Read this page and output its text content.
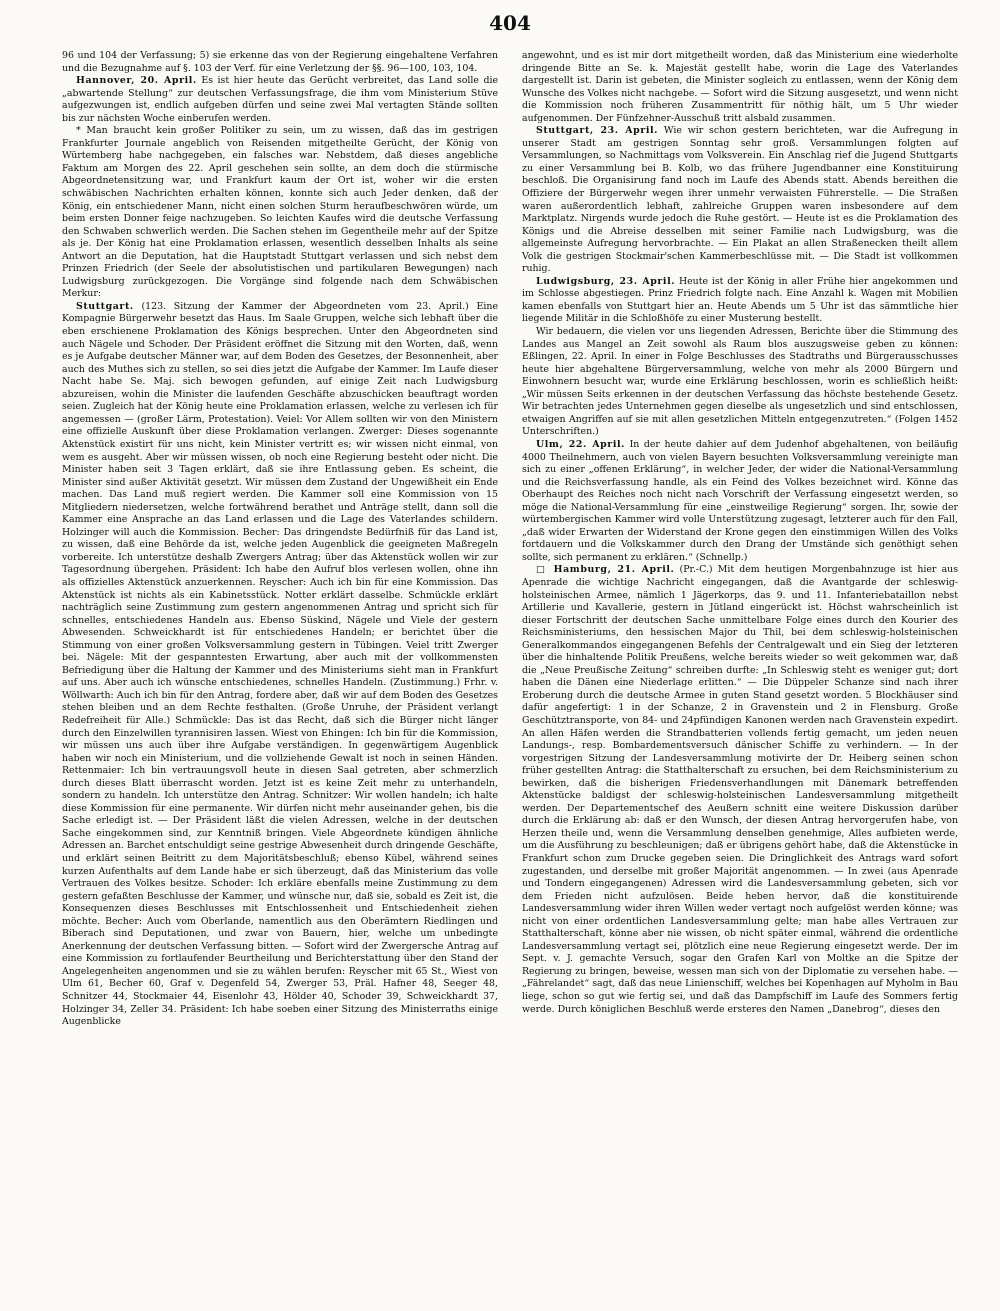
404

96 und 104 der Verfassung; 5) sie erkenne das von der Regierung eingehaltene Verfahren und die Bezugnahme auf §. 103 der Verf. für eine Verletzung der §§. 96—100, 103, 104.

Hannover, 20. April. Es ist hier heute das Gerücht verbreitet, das Land solle die „abwartende Stellung“ zur deutschen Verfassungsfrage, die ihm vom Ministerium Stüve aufgezwungen ist, endlich aufgeben dürfen und seine zwei Mal vertagten Stände sollten bis zur nächsten Woche einberufen werden.

* Man braucht kein großer Politiker zu sein, um zu wissen, daß das im gestrigen Frankfurter Journale angeblich von Reisenden mitgetheilte Gerücht, der König von Würtemberg habe nachgegeben, ein falsches war. Nebstdem, daß dieses angebliche Faktum am Morgen des 22. April geschehen sein sollte, an dem doch die stürmische Abgeordnetensitzung war, und Frankfurt kaum der Ort ist, woher wir die ersten schwäbischen Nachrichten erhalten können, konnte sich auch Jeder denken, daß der König, ein entschiedener Mann, nicht einen solchen Sturm heraufbeschwören würde, um beim ersten Donner feige nachzugeben. So leichten Kaufes wird die deutsche Verfassung den Schwaben schwerlich werden. Die Sachen stehen im Gegentheile mehr auf der Spitze als je. Der König hat eine Proklamation erlassen, wesentlich desselben Inhalts als seine Antwort an die Deputation, hat die Hauptstadt Stuttgart verlassen und sich nebst dem Prinzen Friedrich (der Seele der absolutistischen und partikularen Bewegungen) nach Ludwigsburg zurückgezogen. Die Vorgänge sind folgende nach dem Schwäbischen Merkur:

Stuttgart. (123. Sitzung der Kammer der Abgeordneten vom 23. April.) Eine Kompagnie Bürgerwehr besetzt das Haus. Im Saale Gruppen, welche sich lebhaft über die eben erschienene Proklamation des Königs besprechen. Unter den Abgeordneten sind auch Nägele und Schoder. Der Präsident eröffnet die Sitzung mit den Worten, daß, wenn es je Aufgabe deutscher Männer war, auf dem Boden des Gesetzes, der Besonnenheit, aber auch des Muthes sich zu stellen, so sei dies jetzt die Aufgabe der Kammer. Im Laufe dieser Nacht habe Se. Maj. sich bewogen gefunden, auf einige Zeit nach Ludwigsburg abzureisen, wohin die Minister die laufenden Geschäfte abzuschicken beauftragt worden seien. Zugleich hat der König heute eine Proklamation erlassen, welche zu verlesen ich für angemessen — (großer Lärm, Protestation). Veiel: Vor Allem sollten wir von den Ministern eine offizielle Auskunft über diese Proklamation verlangen. Zwerger: Dieses sogenannte Aktenstück existirt für uns nicht, kein Minister vertritt es; wir wissen nicht einmal, von wem es ausgeht. Aber wir müssen wissen, ob noch eine Regierung besteht oder nicht. Die Minister haben seit 3 Tagen erklärt, daß sie ihre Entlassung geben. Es scheint, die Minister sind außer Aktivität gesetzt. Wir müssen dem Zustand der Ungewißheit ein Ende machen. Das Land muß regiert werden. Die Kammer soll eine Kommission von 15 Mitgliedern niedersetzen, welche fortwährend berathet und Anträge stellt, dann soll die Kammer eine Ansprache an das Land erlassen und die Lage des Vaterlandes schildern. Holzinger will auch die Kommission. Becher: Das dringendste Bedürfniß für das Land ist, zu wissen, daß eine Behörde da ist, welche jeden Augenblick die geeigneten Maßregeln vorbereite. Ich unterstütze deshalb Zwergers Antrag; über das Aktenstück wollen wir zur Tagesordnung übergehen. Präsident: Ich habe den Aufruf blos verlesen wollen, ohne ihn als offizielles Aktenstück anzuerkennen. Reyscher: Auch ich bin für eine Kommission. Das Aktenstück ist nichts als ein Kabinetsstück. Notter erklärt dasselbe. Schmückle erklärt nachträglich seine Zustimmung zum gestern angenommenen Antrag und spricht sich für schnelles, entschiedenes Handeln aus. Ebenso Süskind, Nägele und Viele der gestern Abwesenden. Schweickhardt ist für entschiedenes Handeln; er berichtet über die Stimmung von einer großen Volksversammlung gestern in Tübingen. Veiel tritt Zwerger bei. Nägele: Mit der gespanntesten Erwartung, aber auch mit der vollkommensten Befriedigung über die Haltung der Kammer und des Ministeriums sieht man in Frankfurt auf uns. Aber auch ich wünsche entschiedenes, schnelles Handeln. (Zustimmung.) Frhr. v. Wöllwarth: Auch ich bin für den Antrag, fordere aber, daß wir auf dem Boden des Gesetzes stehen bleiben und an dem Rechte festhalten. (Große Unruhe, der Präsident verlangt Redefreiheit für Alle.) Schmückle: Das ist das Recht, daß sich die Bürger nicht länger durch den Einzelwillen tyrannisiren lassen. Wiest von Ehingen: Ich bin für die Kommission, wir müssen uns auch über ihre Aufgabe verständigen. In gegenwärtigem Augenblick haben wir noch ein Ministerium, und die vollziehende Gewalt ist noch in seinen Händen. Rettenmaier: Ich bin vertrauungsvoll heute in diesen Saal getreten, aber schmerzlich durch dieses Blatt überrascht worden. Jetzt ist es keine Zeit mehr zu unterhandeln, sondern zu handeln. Ich unterstütze den Antrag. Schnitzer: Wir wollen handeln; ich halte diese Kommission für eine permanente. Wir dürfen nicht mehr auseinander gehen, bis die Sache erledigt ist. — Der Präsident läßt die vielen Adressen, welche in der deutschen Sache eingekommen sind, zur Kenntniß bringen. Viele Abgeordnete kündigen ähnliche Adressen an. Barchet entschuldigt seine gestrige Abwesenheit durch dringende Geschäfte, und erklärt seinen Beitritt zu dem Majoritätsbeschluß; ebenso Kübel, während seines kurzen Aufenthalts auf dem Lande habe er sich überzeugt, daß das Ministerium das volle Vertrauen des Volkes besitze. Schoder: Ich erkläre ebenfalls meine Zustimmung zu dem gestern gefaßten Beschlusse der Kammer, und wünsche nur, daß sie, sobald es Zeit ist, die Konsequenzen dieses Beschlusses mit Entschlossenheit und Entschiedenheit ziehen möchte. Becher: Auch vom Oberlande, namentlich aus den Oberämtern Riedlingen und Biberach sind Deputationen, und zwar von Bauern, hier, welche um unbedingte Anerkennung der deutschen Verfassung bitten. — Sofort wird der Zwergersche Antrag auf eine Kommission zu fortlaufender Beurtheilung und Berichterstattung über den Stand der Angelegenheiten angenommen und sie zu wählen berufen: Reyscher mit 65 St., Wiest von Ulm 61, Becher 60, Graf v. Degenfeld 54, Zwerger 53, Präl. Hafner 48, Seeger 48, Schnitzer 44, Stockmaier 44, Eisenlohr 43, Hölder 40, Schoder 39, Schweickhardt 37, Holzinger 34, Zeller 34. Präsident: Ich habe soeben einer Sitzung des Ministerraths einige Augenblicke

angewohnt, und es ist mir dort mitgetheilt worden, daß das Ministerium eine wiederholte dringende Bitte an Se. k. Majestät gestellt habe, worin die Lage des Vaterlandes dargestellt ist. Darin ist gebeten, die Minister sogleich zu entlassen, wenn der König dem Wunsche des Volkes nicht nachgebe. — Sofort wird die Sitzung ausgesetzt, und wenn nicht die Kommission noch früheren Zusammentritt für nöthig hält, um 5 Uhr wieder aufgenommen. Der Fünfzehner-Ausschuß tritt alsbald zusammen.

Stuttgart, 23. April. Wie wir schon gestern berichteten, war die Aufregung in unserer Stadt am gestrigen Sonntag sehr groß. Versammlungen folgten auf Versammlungen, so Nachmittags vom Volksverein. Ein Anschlag rief die Jugend Stuttgarts zu einer Versammlung bei B. Kolb, wo das frühere Jugendbanner eine Konstituirung beschloß. Die Organisirung fand noch im Laufe des Abends statt. Abends bereithen die Offiziere der Bürgerwehr wegen ihrer unmehr verwaisten Führerstelle. — Die Straßen waren außerordentlich lebhaft, zahlreiche Gruppen waren insbesondere auf dem Marktplatz. Nirgends wurde jedoch die Ruhe gestört. — Heute ist es die Proklamation des Königs und die Abreise desselben mit seiner Familie nach Ludwigsburg, was die allgemeinste Aufregung hervorbrachte. — Ein Plakat an allen Straßenecken theilt allem Volk die gestrigen Stockmair'schen Kammerbeschlüsse mit. — Die Stadt ist vollkommen ruhig.

Ludwigsburg, 23. April. Heute ist der König in aller Frühe hier angekommen und im Schlosse abgestiegen. Prinz Friedrich folgte nach. Eine Anzahl k. Wagen mit Mobilien kamen ebenfalls von Stuttgart hier an. Heute Abends um 5 Uhr ist das sämmtliche hier liegende Militär in die Schloßhöfe zu einer Musterung bestellt.

Wir bedauern, die vielen vor uns liegenden Adressen, Berichte über die Stimmung des Landes aus Mangel an Zeit sowohl als Raum blos auszugsweise geben zu können: Eßlingen, 22. April. In einer in Folge Beschlusses des Stadtraths und Bürgerausschusses heute hier abgehaltene Bürgerversammlung, welche von mehr als 2000 Bürgern und Einwohnern besucht war, wurde eine Erklärung beschlossen, worin es schließlich heißt: „Wir müssen Seits erkennen in der deutschen Verfassung das höchste bestehende Gesetz. Wir betrachten jedes Unternehmen gegen dieselbe als ungesetzlich und sind entschlossen, etwaigen Angriffen auf sie mit allen gesetzlichen Mitteln entgegenzutreten.“ (Folgen 1452 Unterschriften.)

Ulm, 22. April. In der heute dahier auf dem Judenhof abgehaltenen, von beiläufig 4000 Theilnehmern, auch von vielen Bayern besuchten Volksversammlung vereinigte man sich zu einer „offenen Erklärung“, in welcher Jeder, der wider die National-Versammlung und die Reichsverfassung handle, als ein Feind des Volkes bezeichnet wird. Könne das Oberhaupt des Reiches noch nicht nach Vorschrift der Verfassung eingesetzt werden, so möge die National-Versammlung für eine „einstweilige Regierung“ sorgen. Ihr, sowie der würtembergischen Kammer wird volle Unterstützung zugesagt, letzterer auch für den Fall, „daß wider Erwarten der Widerstand der Krone gegen den einstimmigen Willen des Volks fortdauern und die Volkskammer durch den Drang der Umstände sich genöthigt sehen sollte, sich permanent zu erklären.“ (Schnellp.)

□ Hamburg, 21. April. (Pr.-C.) Mit dem heutigen Morgenbahnzuge ist hier aus Apenrade die wichtige Nachricht eingegangen, daß die Avantgarde der schleswig-holsteinischen Armee, nämlich 1 Jägerkorps, das 9. und 11. Infanteriebataillon nebst Artillerie und Kavallerie, gestern in Jütland eingerückt ist. Höchst wahrscheinlich ist dieser Fortschritt der deutschen Sache unmittelbare Folge eines durch den Kourier des Reichsministeriums, den hessischen Major du Thil, bei dem schleswig-holsteinischen Generalkommandos eingegangenen Befehls der Centralgewalt und ein Sieg der letzteren über die hinhaltende Politik Preußens, welche bereits wieder so weit gekommen war, daß die „Neue Preußische Zeitung“ schreiben durfte: „In Schleswig steht es weniger gut; dort haben die Dänen eine Niederlage erlitten.“ — Die Düppeler Schanze sind nach ihrer Eroberung durch die deutsche Armee in guten Stand gesetzt worden. 5 Blockhäuser sind dafür angefertigt: 1 in der Schanze, 2 in Gravenstein und 2 in Flensburg. Große Geschütztransporte, von 84- und 24pfündigen Kanonen werden nach Gravenstein expedirt. An allen Häfen werden die Strandbatterien vollends fertig gemacht, um jeden neuen Landungs-, resp. Bombardementsversuch dänischer Schiffe zu verhindern. — In der vorgestrigen Sitzung der Landesversammlung motivirte der Dr. Heiberg seinen schon früher gestellten Antrag: die Statthalterschaft zu ersuchen, bei dem Reichsministerium zu bewirken, daß die bisherigen Friedensverhandlungen mit Dänemark betreffenden Aktenstücke baldigst der schleswig-holsteinischen Landesversammlung mitgetheilt werden. Der Departementschef des Aeußern schnitt eine weitere Diskussion darüber durch die Erklärung ab: daß er den Wunsch, der diesen Antrag hervorgerufen habe, von Herzen theile und, wenn die Versammlung denselben genehmige, Alles aufbieten werde, um die Ausführung zu beschleunigen; daß er übrigens gehört habe, daß die Aktenstücke in Frankfurt schon zum Drucke gegeben seien. Die Dringlichkeit des Antrags ward sofort zugestanden, und derselbe mit großer Majorität angenommen. — In zwei (aus Apenrade und Tondern eingegangenen) Adressen wird die Landesversammlung gebeten, sich vor dem Frieden nicht aufzulösen. Beide heben hervor, daß die konstituirende Landesversammlung wider ihren Willen weder vertagt noch aufgelöst werden könne; was nicht von einer ordentlichen Landesversammlung gelte; man habe alles Vertrauen zur Statthalterschaft, könne aber nie wissen, ob nicht später einmal, während die ordentliche Landesversammlung vertagt sei, plötzlich eine neue Regierung eingesetzt werde. Der im Sept. v. J. gemachte Versuch, sogar den Grafen Karl von Moltke an die Spitze der Regierung zu bringen, beweise, wessen man sich von der Diplomatie zu versehen habe. — „Fährelandet“ sagt, daß das neue Linienschiff, welches bei Kopenhagen auf Myholm in Bau liege, schon so gut wie fertig sei, und daß das Dampfschiff im Laufe des Sommers fertig werde. Durch königlichen Beschluß werde ersteres den Namen „Danebrog“, dieses den
